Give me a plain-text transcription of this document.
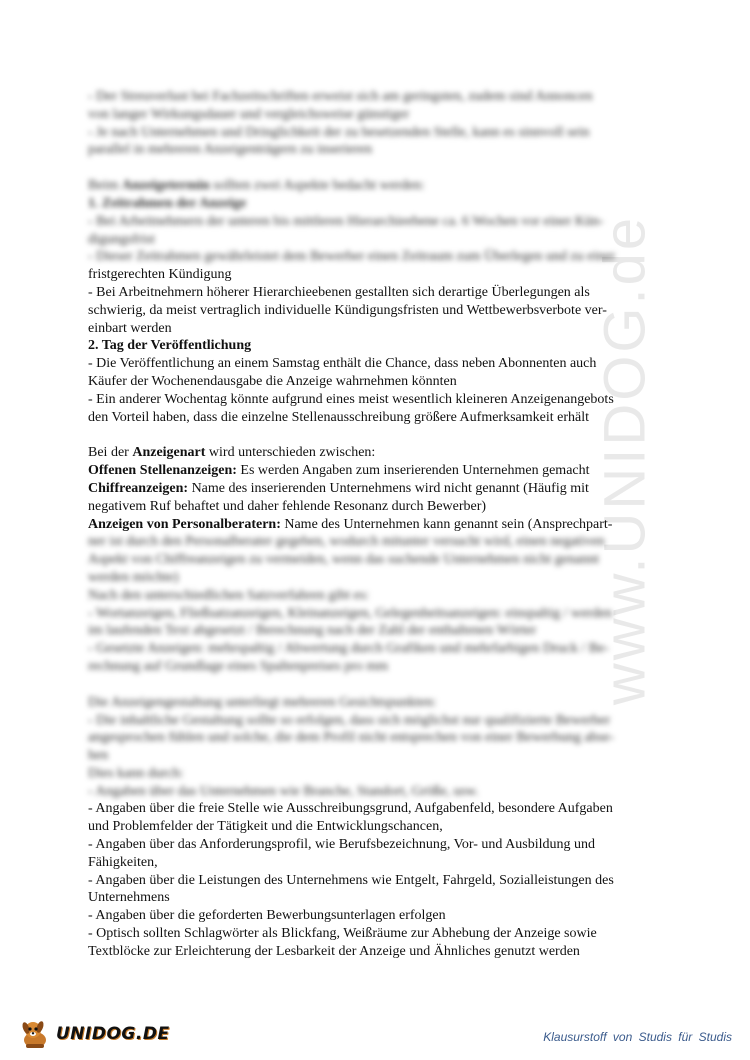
www.UNIDOG.de
- Der Streuverlust bei Fachzeitschriften erweist sich am geringsten, zudem sind Annoncen
von langer Wirkungsdauer und vergleichsweise günstiger
- Je nach Unternehmen und Dringlichkeit der zu besetzenden Stelle, kann es sinnvoll sein
parallel in mehreren Anzeigenträgern zu inserieren
Beim Anzeigetermin sollten zwei Aspekte bedacht werden:
1. Zeitrahmen der Anzeige
- Bei Arbeitnehmern der unteren bis mittleren Hierarchieebene ca. 6 Wochen vor einer Kün-
digungsfrist
- Dieser Zeitrahmen gewährleistet dem Bewerber einen Zeitraum zum Überlegen und zu einer
fristgerechten Kündigung
- Bei Arbeitnehmern höherer Hierarchieebenen gestallten sich derartige Überlegungen als
schwierig, da meist vertraglich individuelle Kündigungsfristen und Wettbewerbsverbote ver-
einbart werden
2. Tag der Veröffentlichung
- Die Veröffentlichung an einem Samstag enthält die Chance, dass neben Abonnenten auch
Käufer der Wochenendausgabe die Anzeige wahrnehmen könnten
- Ein anderer Wochentag könnte aufgrund eines meist wesentlich kleineren Anzeigenangebots
den Vorteil haben, dass die einzelne Stellenausschreibung größere Aufmerksamkeit erhält
Bei der Anzeigenart wird unterschieden zwischen:
Offenen Stellenanzeigen: Es werden Angaben zum inserierenden Unternehmen gemacht
Chiffreanzeigen: Name des inserierenden Unternehmens wird nicht genannt (Häufig mit
negativem Ruf behaftet und daher fehlende Resonanz durch Bewerber)
Anzeigen von Personalberatern: Name des Unternehmen kann genannt sein (Ansprechpart-
ner ist durch den Personalberater gegeben, wodurch mitunter versucht wird, einen negativen
Aspekt von Chiffreanzeigen zu vermeiden, wenn das suchende Unternehmen nicht genannt
werden möchte)
Nach den unterschiedlichen Satzverfahren gibt es:
- Wortanzeigen, Fließsatzanzeigen, Kleinanzeigen, Gelegenheitsanzeigen: einspaltig / werden
im laufenden Text abgesetzt / Berechnung nach der Zahl der enthaltenen Wörter
- Gesetzte Anzeigen: mehrspaltig / Abwertung durch Grafiken und mehrfarbigen Druck / Be-
rechnung auf Grundlage eines Spaltenpreises pro mm
Die Anzeigengestaltung unterliegt mehreren Gesichtspunkten:
- Die inhaltliche Gestaltung sollte so erfolgen, dass sich möglichst nur qualifizierte Bewerber
angesprochen fühlen und solche, die dem Profil nicht entsprechen von einer Bewerbung abse-
hen
Dies kann durch:
- Angaben über das Unternehmen wie Branche, Standort, Größe, usw.
- Angaben über die freie Stelle wie Ausschreibungsgrund, Aufgabenfeld, besondere Aufgaben
und Problemfelder der Tätigkeit und die Entwicklungschancen,
- Angaben über das Anforderungsprofil, wie Berufsbezeichnung, Vor- und Ausbildung und
Fähigkeiten,
- Angaben über die Leistungen des Unternehmens wie Entgelt, Fahrgeld, Sozialleistungen des
Unternehmens
- Angaben über die geforderten Bewerbungsunterlagen erfolgen
- Optisch sollten Schlagwörter als Blickfang, Weißräume zur Abhebung der Anzeige sowie
Textblöcke zur Erleichterung der Lesbarkeit der Anzeige und Ähnliches genutzt werden
UNIDOG.DE	Klausurstoff von Studis für Studis
